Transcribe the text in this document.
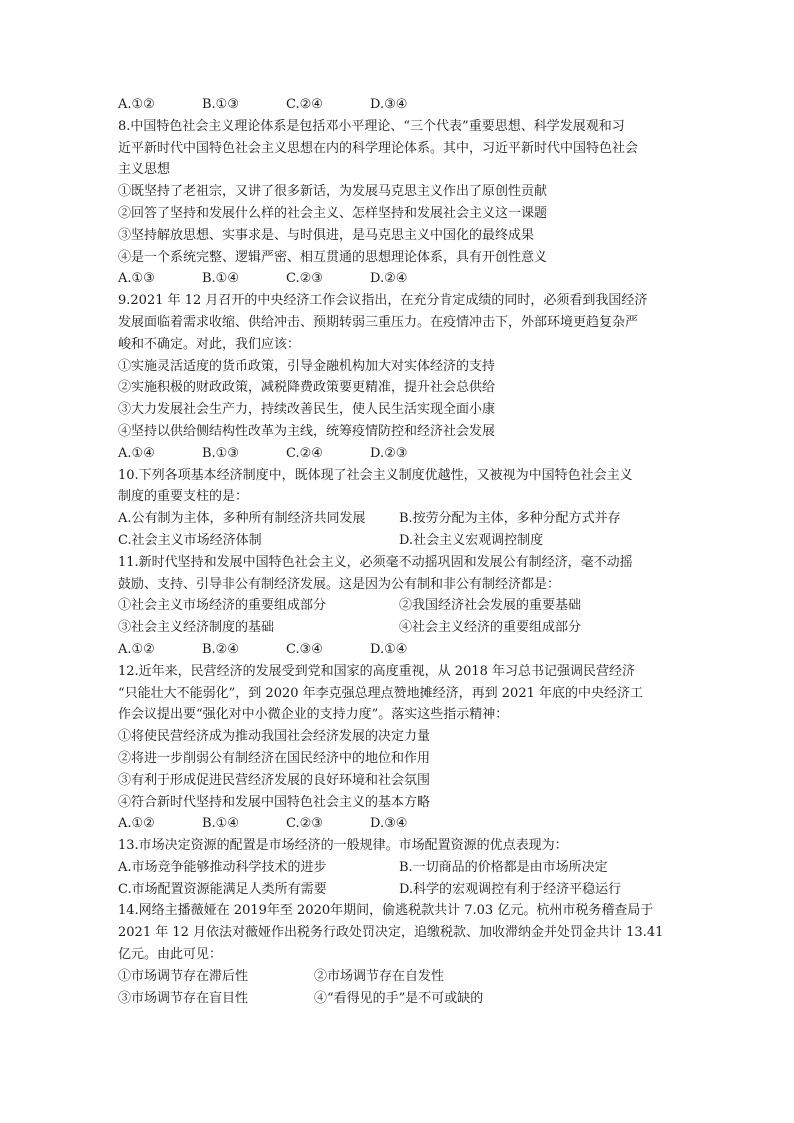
A.①②	B.①③	C.②④	D.③④
8.中国特色社会主义理论体系是包括邓小平理论、“三个代表”重要思想、科学发展观和习
近平新时代中国特色社会主义思想在内的科学理论体系。其中，习近平新时代中国特色社会
主义思想
①既坚持了老祖宗，又讲了很多新话，为发展马克思主义作出了原创性贡献
②回答了坚持和发展什么样的社会主义、怎样坚持和发展社会主义这一课题
③坚持解放思想、实事求是、与时俱进，是马克思主义中国化的最终成果
④是一个系统完整、逻辑严密、相互贯通的思想理论体系，具有开创性意义
A.①③	B.①④	C.②③	D.②④
9.2021 年 12 月召开的中央经济工作会议指出，在充分肯定成绩的同时，必须看到我国经济
发展面临着需求收缩、供给冲击、预期转弱三重压力。在疫情冲击下，外部环境更趋复杂严
峻和不确定。对此，我们应该：
①实施灵活适度的货币政策，引导金融机构加大对实体经济的支持
②实施积极的财政政策，减税降费政策要更精准，提升社会总供给
③大力发展社会生产力，持续改善民生，使人民生活实现全面小康
④坚持以供给侧结构性改革为主线，统筹疫情防控和经济社会发展
A.①④	B.①③	C.②④	D.②③
10.下列各项基本经济制度中，既体现了社会主义制度优越性，又被视为中国特色社会主义
制度的重要支柱的是：
A.公有制为主体，多种所有制经济共同发展	B.按劳分配为主体，多种分配方式并存
C.社会主义市场经济体制	D.社会主义宏观调控制度
11.新时代坚持和发展中国特色社会主义，必须毫不动摇巩固和发展公有制经济，毫不动摇
鼓励、支持、引导非公有制经济发展。这是因为公有制和非公有制经济都是：
①社会主义市场经济的重要组成部分	②我国经济社会发展的重要基础
③社会主义经济制度的基础	④社会主义经济的重要组成部分
A.①②	B.②④	C.③④	D.①④
12.近年来，民营经济的发展受到党和国家的高度重视，从 2018 年习总书记强调民营经济
“只能壮大不能弱化”，到 2020 年李克强总理点赞地摊经济，再到 2021 年底的中央经济工
作会议提出要“强化对中小微企业的支持力度”。落实这些指示精神：
①将使民营经济成为推动我国社会经济发展的决定力量
②将进一步削弱公有制经济在国民经济中的地位和作用
③有利于形成促进民营经济发展的良好环境和社会氛围
④符合新时代坚持和发展中国特色社会主义的基本方略
A.①②	B.①④	C.②③	D.③④
13.市场决定资源的配置是市场经济的一般规律。市场配置资源的优点表现为：
A.市场竞争能够推动科学技术的进步	B.一切商品的价格都是由市场所决定
C.市场配置资源能满足人类所有需要	D.科学的宏观调控有利于经济平稳运行
14.网络主播薇娅在 2019年至 2020年期间，偷逃税款共计 7.03 亿元。杭州市税务稽查局于
2021 年 12 月依法对薇娅作出税务行政处罚决定，追缴税款、加收滞纳金并处罚金共计 13.41
亿元。由此可见：
①市场调节存在滞后性	②市场调节存在自发性
③市场调节存在盲目性	④“看得见的手”是不可或缺的
